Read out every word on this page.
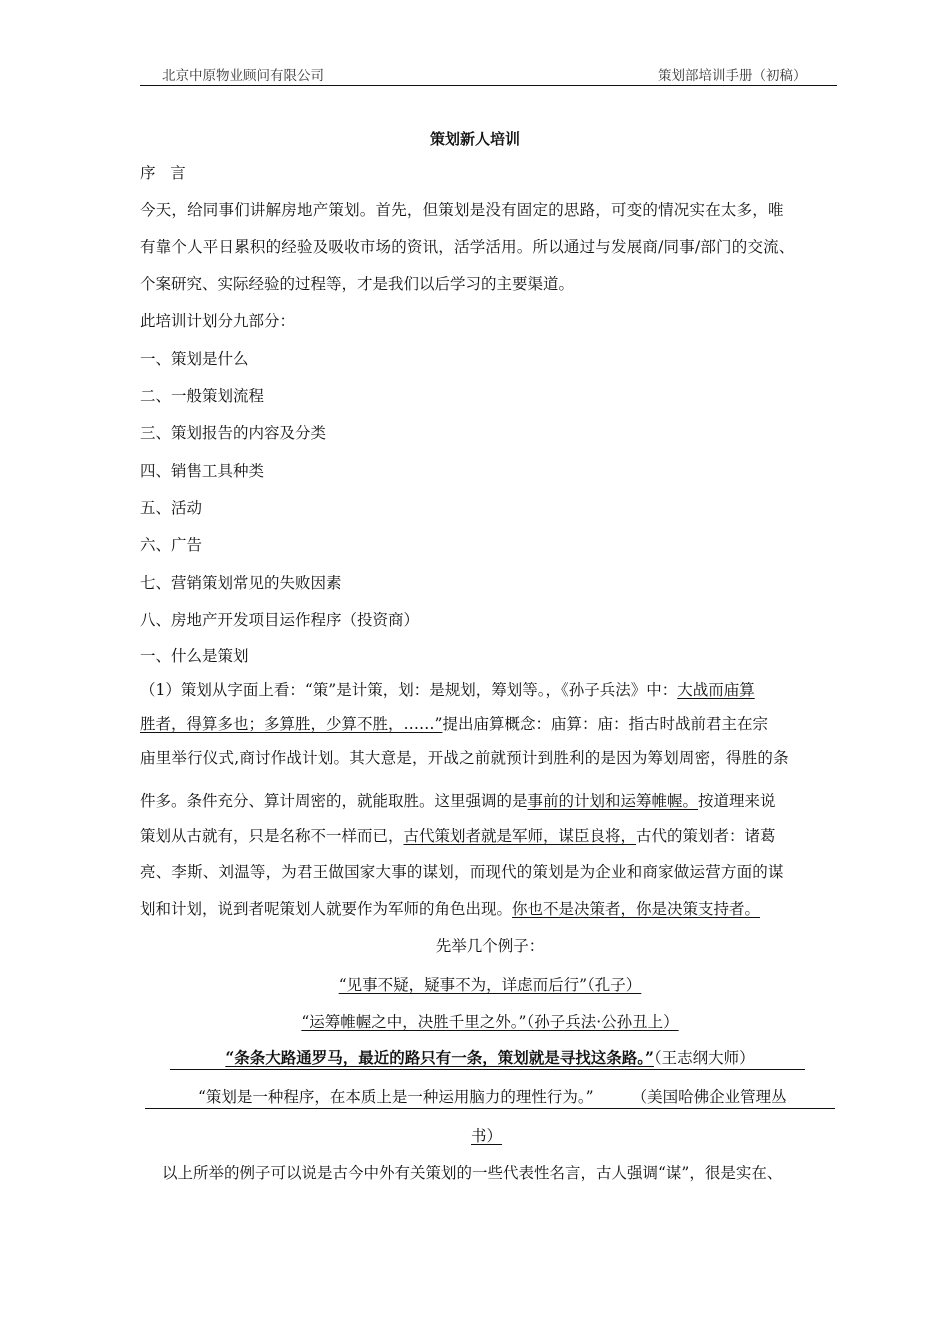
北京中原物业顾问有限公司	策划部培训手册（初稿）
策划新人培训
序   言
今天，给同事们讲解房地产策划。首先，但策划是没有固定的思路，可变的情况实在太多，唯
有靠个人平日累积的经验及吸收市场的资讯，活学活用。所以通过与发展商/同事/部门的交流、
个案研究、实际经验的过程等，才是我们以后学习的主要渠道。
此培训计划分九部分：
一、策划是什么
二、一般策划流程
三、策划报告的内容及分类
四、销售工具种类
五、活动
六、广告
七、营销策划常见的失败因素
八、房地产开发项目运作程序（投资商）
一、什么是策划
（1）策划从字面上看：“策”是计策，划：是规划，筹划等。，《孙子兵法》中：大战而庙算
胜者，得算多也；多算胜，少算不胜，……”提出庙算概念：庙算：庙：指古时战前君主在宗
庙里举行仪式,商讨作战计划。其大意是，开战之前就预计到胜利的是因为筹划周密，得胜的条
件多。条件充分、算计周密的，就能取胜。这里强调的是事前的计划和运筹帷幄。按道理来说
策划从古就有，只是名称不一样而已，古代策划者就是军师，谋臣良将，古代的策划者：诸葛
亮、李斯、刘温等，为君王做国家大事的谋划，而现代的策划是为企业和商家做运营方面的谋
划和计划，说到者呢策划人就要作为军师的角色出现。你也不是决策者，你是决策支持者。
先举几个例子：
“见事不疑，疑事不为，详虑而后行”（孔子）
“运筹帷幄之中，决胜千里之外。”（孙子兵法·公孙丑上）
“条条大路通罗马，最近的路只有一条，策划就是寻找这条路。”（王志纲大师）
“策划是一种程序，在本质上是一种运用脑力的理性行为。” （美国哈佛企业管理丛
书）
以上所举的例子可以说是古今中外有关策划的一些代表性名言，古人强调“谋”，很是实在、
